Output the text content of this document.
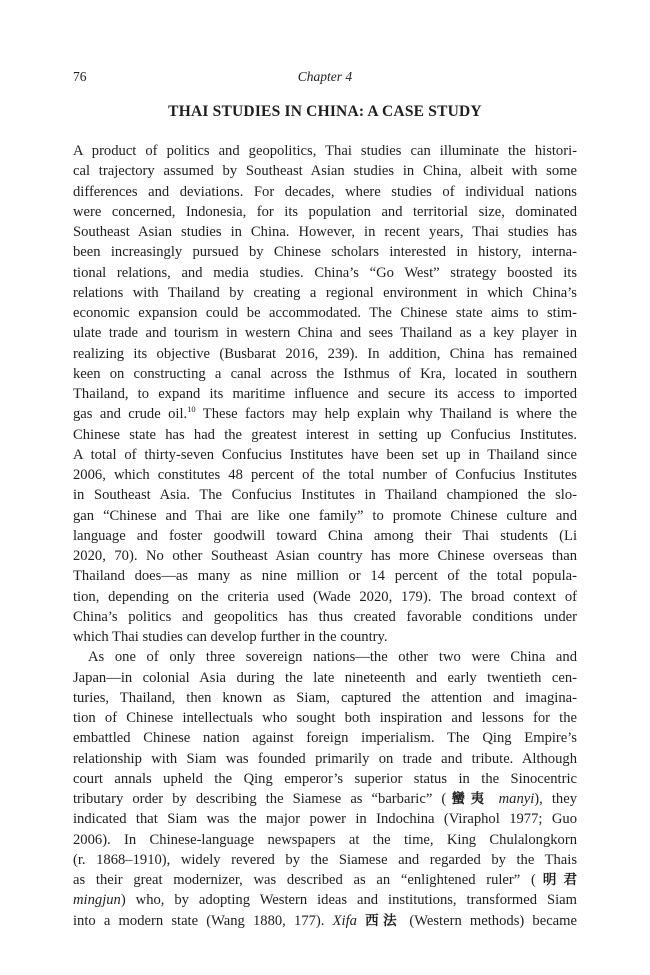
76	Chapter 4
THAI STUDIES IN CHINA: A CASE STUDY
A product of politics and geopolitics, Thai studies can illuminate the histori-
cal trajectory assumed by Southeast Asian studies in China, albeit with some
differences and deviations. For decades, where studies of individual nations
were concerned, Indonesia, for its population and territorial size, dominated
Southeast Asian studies in China. However, in recent years, Thai studies has
been increasingly pursued by Chinese scholars interested in history, interna-
tional relations, and media studies. China’s “Go West” strategy boosted its
relations with Thailand by creating a regional environment in which China’s
economic expansion could be accommodated. The Chinese state aims to stim-
ulate trade and tourism in western China and sees Thailand as a key player in
realizing its objective (Busbarat 2016, 239). In addition, China has remained
keen on constructing a canal across the Isthmus of Kra, located in southern
Thailand, to expand its maritime influence and secure its access to imported
gas and crude oil.$^{10}$ These factors may help explain why Thailand is where the
Chinese state has had the greatest interest in setting up Confucius Institutes.
A total of thirty-seven Confucius Institutes have been set up in Thailand since
2006, which constitutes 48 percent of the total number of Confucius Institutes
in Southeast Asia. The Confucius Institutes in Thailand championed the slo-
gan “Chinese and Thai are like one family” to promote Chinese culture and
language and foster goodwill toward China among their Thai students (Li
2020, 70). No other Southeast Asian country has more Chinese overseas than
Thailand does—as many as nine million or 14 percent of the total popula-
tion, depending on the criteria used (Wade 2020, 179). The broad context of
China’s politics and geopolitics has thus created favorable conditions under
which Thai studies can develop further in the country.
As one of only three sovereign nations—the other two were China and
Japan—in colonial Asia during the late nineteenth and early twentieth cen-
turies, Thailand, then known as Siam, captured the attention and imagina-
tion of Chinese intellectuals who sought both inspiration and lessons for the
embattled Chinese nation against foreign imperialism. The Qing Empire’s
relationship with Siam was founded primarily on trade and tribute. Although
court annals upheld the Qing emperor’s superior status in the Sinocentric
tributary order by describing the Siamese as “barbaric” (蠻夷 manyi), they
indicated that Siam was the major power in Indochina (Viraphol 1977; Guo
2006). In Chinese-language newspapers at the time, King Chulalongkorn
(r. 1868–1910), widely revered by the Siamese and regarded by the Thais
as their great modernizer, was described as an “enlightened ruler” (明君
mingjun) who, by adopting Western ideas and institutions, transformed Siam
into a modern state (Wang 1880, 177). Xifa 西法 (Western methods) became
